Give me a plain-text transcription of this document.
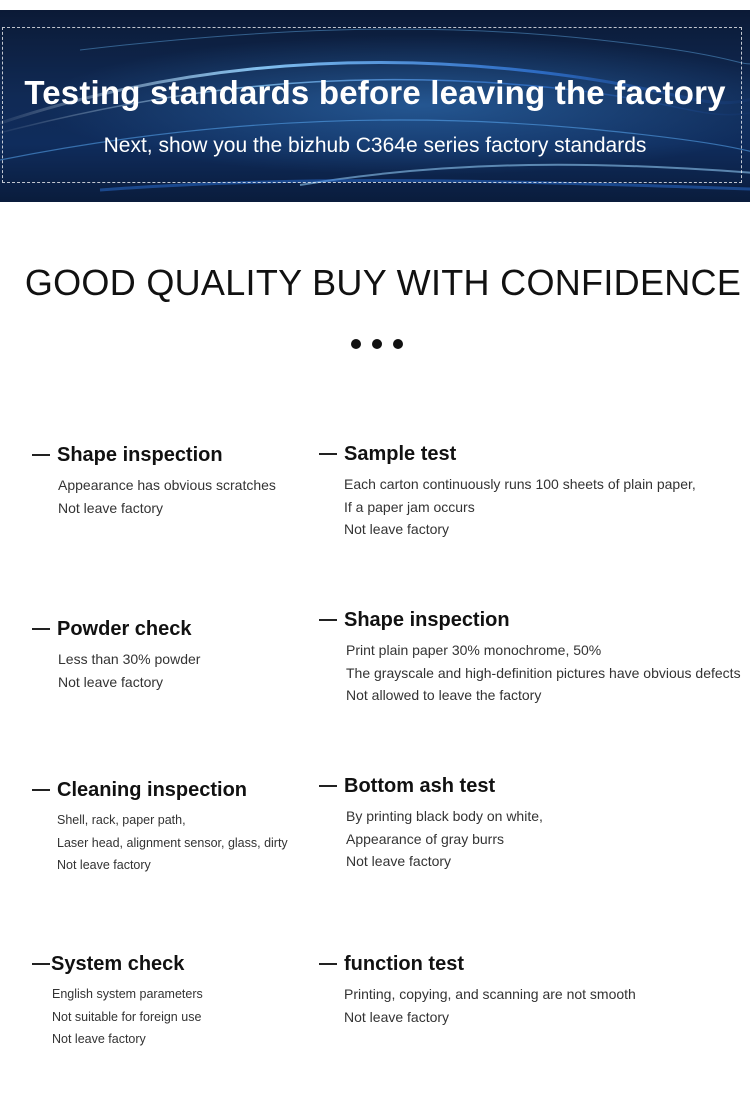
Testing standards before leaving the factory
Next, show you the bizhub C364e series factory standards
GOOD QUALITY BUY WITH CONFIDENCE
Shape inspection
Appearance has obvious scratches
Not leave factory
Sample test
Each carton continuously runs 100 sheets of plain paper,
If a paper jam occurs
Not leave factory
Powder check
Less than 30% powder
Not leave factory
Shape inspection
Print plain paper 30% monochrome, 50%
The grayscale and high-definition pictures have obvious defects
Not allowed to leave the factory
Cleaning inspection
Shell, rack, paper path,
Laser head, alignment sensor, glass, dirty
Not leave factory
Bottom ash test
By printing black body on white,
Appearance of gray burrs
Not leave factory
System check
English system parameters
Not suitable for foreign use
Not leave factory
function test
Printing, copying, and scanning are not smooth
Not leave factory
